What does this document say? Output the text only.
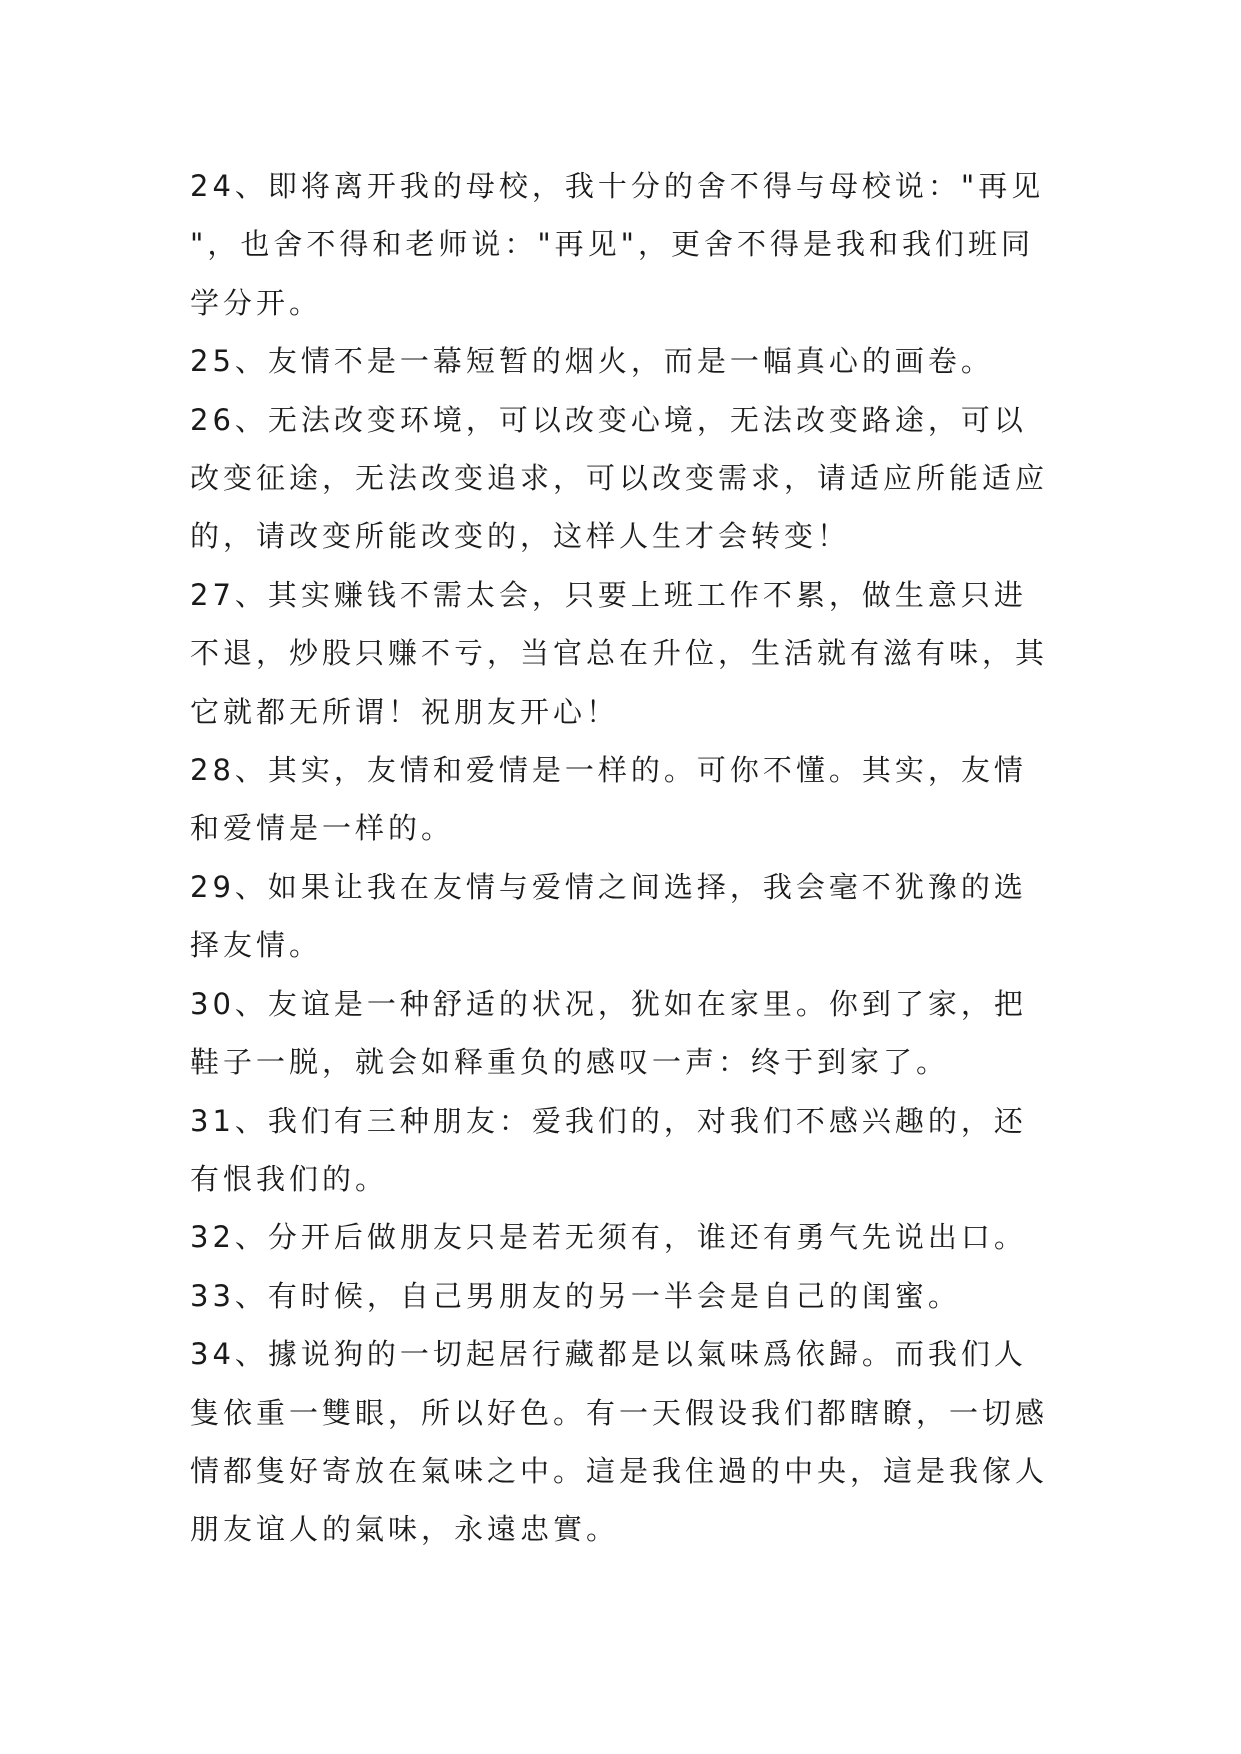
24、即将离开我的母校，我十分的舍不得与母校说："再见"，也舍不得和老师说："再见"，更舍不得是我和我们班同学分开。

25、友情不是一幕短暂的烟火，而是一幅真心的画卷。

26、无法改变环境，可以改变心境，无法改变路途，可以改变征途，无法改变追求，可以改变需求，请适应所能适应的，请改变所能改变的，这样人生才会转变！

27、其实赚钱不需太会，只要上班工作不累，做生意只进不退，炒股只赚不亏，当官总在升位，生活就有滋有味，其它就都无所谓！祝朋友开心！

28、其实，友情和爱情是一样的。可你不懂。其实，友情和爱情是一样的。

29、如果让我在友情与爱情之间选择，我会毫不犹豫的选择友情。

30、友谊是一种舒适的状况，犹如在家里。你到了家，把鞋子一脱，就会如释重负的感叹一声：终于到家了。

31、我们有三种朋友：爱我们的，对我们不感兴趣的，还有恨我们的。

32、分开后做朋友只是若无须有，谁还有勇气先说出口。

33、有时候，自己男朋友的另一半会是自己的闺蜜。

34、據说狗的一切起居行藏都是以氣味爲依歸。而我们人隻依重一雙眼，所以好色。有一天假设我们都瞎瞭，一切感情都隻好寄放在氣味之中。這是我住過的中央，這是我傢人朋友谊人的氣味，永遠忠實。
